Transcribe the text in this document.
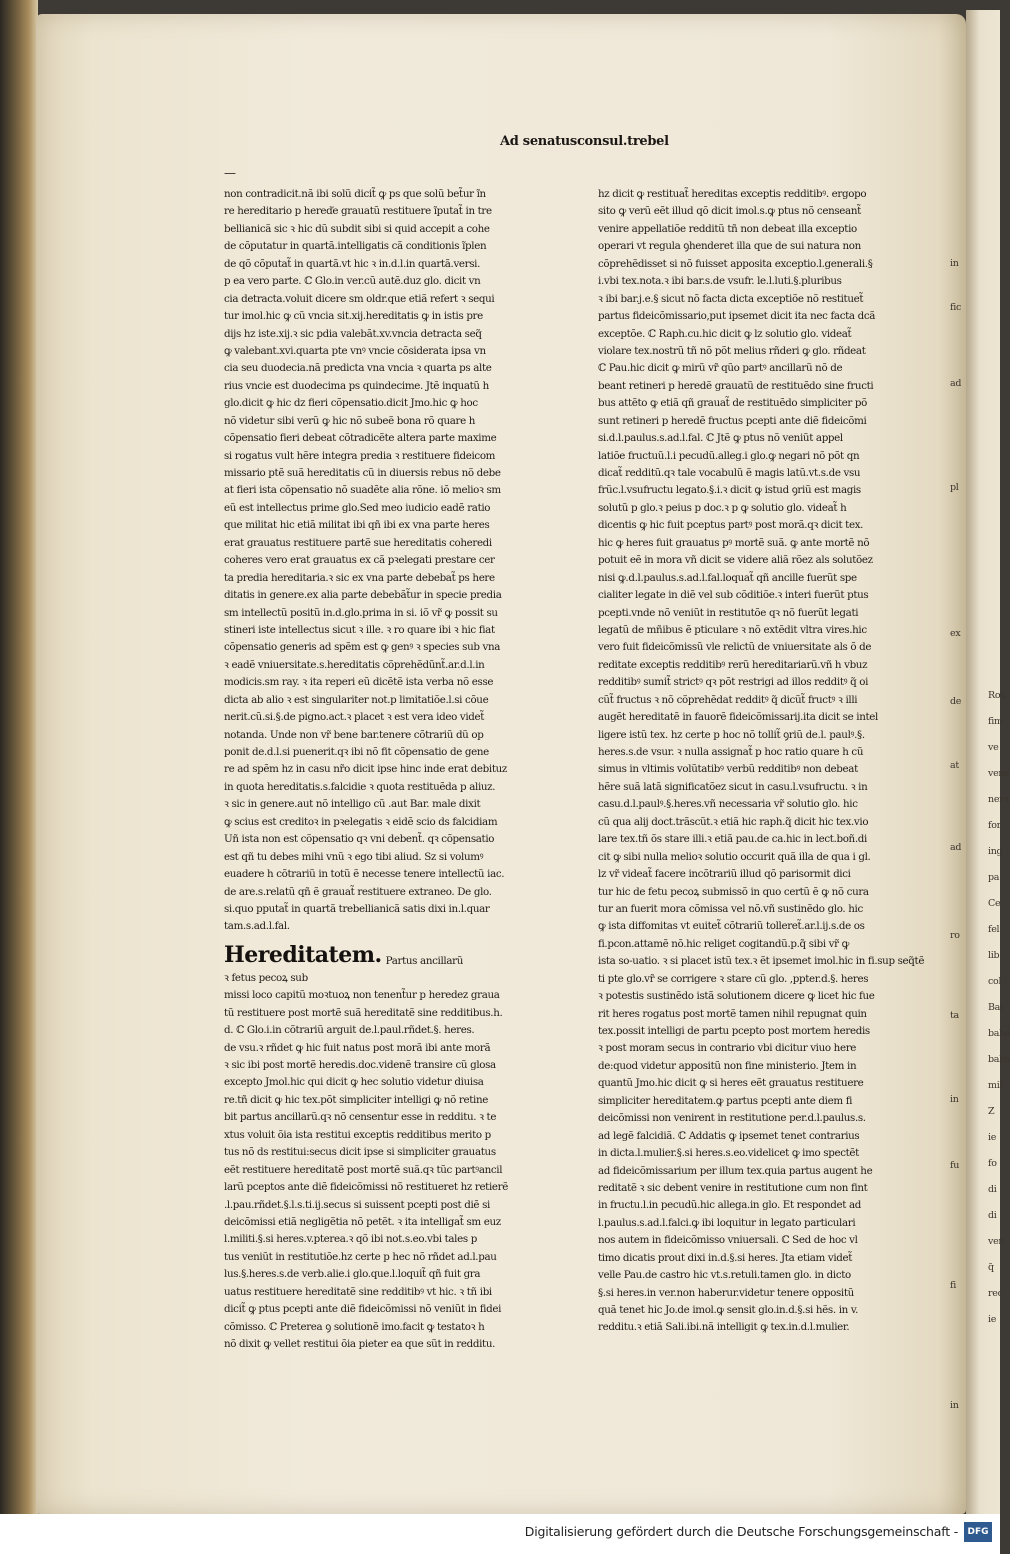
Rou
fim
ve
vene
nera
for
ing
pa
Ce
fel
lib
col
Bal
baba
baba
mil
Z
ie
fo
di
di
ven
q̃
rec
ie
Ad senatusconsul.trebel
—
non contradicit.nã ibi solũ dicit̃ ꝙ ps que solũ bet̃ur ĩn
re hereditario p hereďe grauatũ restituere ĩputat̃ in tre
bellianicã sic ꝛ hic dũ subdit sibi si quid accepit a cohe
de cõputatur in quartã.intelligatis cã conditionis ĩplen
de qõ cõputat̃ in quartã.vt hic ꝛ in.d.l.in quartã.versi.
p ea vero parte. ℂ Glo.in ver.cũ autẽ.duz glo. dicit vn
cia detracta.voluit dicere sm oldr.que etiã refert ꝛ sequi
tur imol.hic ꝙ cũ vncia sit.xij.hereditatis ꝙ in istis pre
dijs hz iste.xij.ꝛ sic pdia valebãt.xv.vncia detracta seq̃
ꝙ valebant.xvi.quarta pte vnꝰ vncie cõsiderata ipsa vn
cia seu duodecia.nã predicta vna vncia ꝛ quarta ps alte
rius vncie est duodecima ps quindecime. Jtẽ inquatũ h
glo.dicit ꝙ hic dz fieri cõpensatio.dicit Jmo.hic ꝙ hoc
nõ videtur sibi verũ ꝙ hic nõ subeẽ bona rõ quare h
cõpensatio fieri debeat cõtradicẽte altera parte maxime
si rogatus vult hẽre integra predia ꝛ restituere fideicom
missario ptẽ suã hereditatis cũ in diuersis rebus nõ debe
at fieri ista cõpensatio nõ suadẽte alia rõne. iõ melioꝛ sm
eũ est intellectus prime glo.Sed meo iudicio eadẽ ratio
que militat hic etiã militat ibi qñ ibi ex vna parte heres
erat grauatus restituere partẽ sue hereditatis coheredi
coheres vero erat grauatus ex cã pꝛelegati prestare cer
ta predia hereditaria.ꝛ sic ex vna parte debebat̃ ps here
ditatis in genere.ex alia parte debebãt̃ur in specie predia
sm intellectũ positũ in.d.glo.prima in si. iõ vr̃ ꝙ possit su
stineri iste intellectus sicut ꝛ ille. ꝛ ro quare ibi ꝛ hic fiat
cõpensatio generis ad spẽm est ꝙ genꝰ ꝛ species sub vna
ꝛ eadẽ vniuersitate.s.hereditatis cõprehẽdũnt̃.ar.d.l.in
modicis.sm ray. ꝛ ita reperi eũ dicẽtẽ ista verba nõ esse
dicta ab alio ꝛ est singulariter not.p limitatiõe.l.si cõue
nerit.cũ.si.§.de pigno.act.ꝛ placet ꝛ est vera ideo videt̃
notanda. Unde non vr̃ bene bar.tenere cõtrariũ dũ op
ponit de.d.l.si puenerit.qꝛ ibi nõ fit cõpensatio de gene
re ad spẽm hz in casu nr̃o dicit ipse hinc inde erat debituz
in quota hereditatis.s.falcidie ꝛ quota restituẽda p aliuz.
ꝛ sic in genere.aut nõ intelligo cũ .aut Bar. male dixit
ꝙ scius est creditoꝛ in pꝛelegatis ꝛ eidẽ scio ds falcidiam
Uñ ista non est cõpensatio qꝛ vni debent̃. qꝛ cõpensatio
est qñ tu debes mihi vnũ ꝛ ego tibi aliud. Sz si volumꝰ
euadere h cõtrariũ in totũ ẽ necesse tenere intellectũ iac.
de are.s.relatũ qñ ẽ grauat̃ restituere extraneo. De glo.
si.quo pputat̃ in quartã trebellianicã satis dixi in.l.quar
tam.s.ad.l.fal.
Hereditatem. Partus ancillarũ
ꝛ fetus pecoꝝ sub
missi loco capitũ moꝛtuoꝝ non tenent̃ur p heredez graua
tũ restituere post mortẽ suã hereditatẽ sine redditibus.h.
d. ℂ Glo.i.in cõtrariũ arguit de.l.paul.rñdet.§. heres.
de vsu.ꝛ rñdet ꝙ hic fuit natus post morã ibi ante morã
ꝛ sic ibi post mortẽ heredis.doc.videnẽ transire cũ glosa
excepto Jmol.hic qui dicit ꝙ hec solutio videtur diuisa
re.tñ dicit ꝙ hic tex.põt simpliciter intelligi ꝙ nõ retine
bit partus ancillarũ.qꝛ nõ censentur esse in redditu. ꝛ te
xtus voluit õia ista restitui exceptis redditibus merito p
tus nõ ds restitui:secus dicit ipse si simpliciter grauatus
eẽt restituere hereditatẽ post mortẽ suã.qꝛ tũc partꝰancil
larũ pceptos ante diẽ fideicõmissi nõ restitueret hz retierẽ
.l.pau.rñdet.§.l.s.ti.ij.secus si suissent pcepti post diẽ si
deicõmissi etiã negligẽtia nõ petẽt. ꝛ ita intelligat̃ sm euz
l.militi.§.si heres.v.pterea.ꝛ qõ ibi not.s.eo.vbi tales p
tus veniũt in restitutiõe.hz certe p hec nõ rñdet ad.l.pau
lus.§.heres.s.de verb.alie.i glo.que.l.loquit̃ qñ fuit gra
uatus restituere hereditatẽ sine redditibꝰ vt hic. ꝛ tñ ibi
dicit̃ ꝙ ptus pcepti ante diẽ fideicõmissi nõ veniũt in fidei
cõmisso. ℂ Preterea ꝯ solutionẽ imo.facit ꝙ testatoꝛ h
nõ dixit ꝙ vellet restitui õia pieter ea que sũt in redditu.
hz dicit ꝙ restituat̃ hereditas exceptis redditibꝰ. ergopo
sito ꝙ verũ eẽt illud qõ dicit imol.s.ꝙ ptus nõ censeant̃
venire appellatiõe redditũ tñ non debeat illa exceptio
operari vt regula ꝯhenderet illa que de sui natura non
cõprehẽdisset si nõ fuisset apposita exceptio.l.generali.§
i.vbi tex.nota.ꝛ ibi bar.s.de vsufr. le.l.luti.§.pluribus
ꝛ ibi bar.j.e.§ sicut nõ facta dicta exceptiõe nõ restituet̃
partus fideicõmissario,put ipsemet dicit ita nec facta dcã
exceptõe. ℂ Raph.cu.hic dicit ꝙ lz solutio glo. videat̃
violare tex.nostrũ tñ nõ põt melius rñderi ꝙ glo. rñdeat
ℂ Pau.hic dicit ꝙ mirũ vr̃ qũo partꝰ ancillarũ nõ de
beant retineri p heredẽ grauatũ de restituẽdo sine fructi
bus attẽto ꝙ etiã qñ grauat̃ de restituẽdo simpliciter põ
sunt retineri p heredẽ fructus pcepti ante diẽ fideicõmi
si.d.l.paulus.s.ad.l.fal. ℂ Jtẽ ꝙ ptus nõ veniũt appel
latiõe fructuũ.l.i pecudũ.alleg.i glo.ꝙ negari nõ põt qn
dicat̃ redditũ.qꝛ tale vocabulũ ẽ magis latũ.vt.s.de vsu
frũc.l.vsufructu legato.§.i.ꝛ dicit ꝙ istud ꝯriũ est magis
solutũ p glo.ꝛ peius p doc.ꝛ p ꝙ solutio glo. videat̃ h
dicentis ꝙ hic fuit pceptus partꝰ post morã.qꝛ dicit tex.
hic ꝙ heres fuit grauatus pꝰ mortẽ suã. ꝙ ante mortẽ nõ
potuit eẽ in mora vñ dicit se videre aliã rõez als solutõez
nisi ꝙ.d.l.paulus.s.ad.l.fal.loquat̃ qñ ancille fuerũt spe
cialiter legate in diẽ vel sub cõditiõe.ꝛ interi fuerũt ptus
pcepti.vnde nõ veniũt in restitutõe qꝛ nõ fuerũt legati
legatũ de mñibus ẽ pticulare ꝛ nõ extẽdit vltra vires.hic
vero fuit fideicõmissũ vle relictũ de vniuersitate als õ de
reditate exceptis redditibꝰ rerũ hereditariarũ.vñ h vbuz
redditibꝰ sumit̃ strictꝰ qꝛ põt restrigi ad illos redditꝰ q̃ oi
cũt̃ fructus ꝛ nõ cõprehẽdat redditꝰ q̃ dicũt̃ fructꝰ ꝛ illi
augẽt hereditatẽ in fauorẽ fideicõmissarij.ita dicit se intel
ligere istũ tex. hz certe p hoc nõ tollit̃ ꝯriũ de.l. paulꝰ.§.
heres.s.de vsur. ꝛ nulla assignat̃ p hoc ratio quare h cũ
simus in vltimis volũtatibꝰ verbũ redditibꝰ non debeat
hẽre suã latã significatõez sicut in casu.l.vsufructu. ꝛ in
casu.d.l.paulꝰ.§.heres.vñ necessaria vr̃ solutio glo. hic
cũ qua alij doct.trãscũt.ꝛ etiã hic raph.q̃ dicit hic tex.vio
lare tex.tñ õs stare illi.ꝛ etiã pau.de ca.hic in lect.boñ.di
cit ꝙ sibi nulla melioꝛ solutio occurit quã illa de qua i gl.
lz vr̃ videat̃ facere incõtrariũ illud qõ parisormit dici
tur hic de fetu pecoꝝ submissõ in quo certũ ẽ ꝙ nõ cura
tur an fuerit mora cõmissa vel nõ.vñ sustinẽdo glo. hic
ꝙ ista diffomitas vt euitet̃ cõtrariũ tolleret̃.ar.l.ij.s.de os
fi.pcon.attamẽ nõ.hic religet cogitandũ.p.q̃ sibi vr̃ ꝙ
ista so-uatio. ꝛ si placet istũ tex.ꝛ ẽt ipsemet imol.hic in fi.sup seq̃tẽ
ti pte glo.vr̃ se corrigere ꝛ stare cũ glo. ,ppter.d.§. heres
ꝛ potestis sustinẽdo istã solutionem dicere ꝙ licet hic fue
rit heres rogatus post mortẽ tamen nihil repugnat quin
tex.possit intelligi de partu pcepto post mortem heredis
ꝛ post moram secus in contrario vbi dicitur viuo here
de:quod videtur appositũ non fine ministerio. Jtem in
quantũ Jmo.hic dicit ꝙ si heres eẽt grauatus restituere
simpliciter hereditatem.ꝙ partus pcepti ante diem fi
deicõmissi non venirent in restitutione per.d.l.paulus.s.
ad legẽ falcidiã. ℂ Addatis ꝙ ipsemet tenet contrarius
in dicta.l.mulier.§.si heres.s.eo.videlicet ꝙ imo spectẽt
ad fideicõmissarium per illum tex.quia partus augent he
reditatẽ ꝛ sic debent venire in restitutione cum non fint
in fructu.l.in pecudũ.hic allega.in glo. Et respondet ad
l.paulus.s.ad.l.falci.ꝙ ibi loquitur in legato particulari
nos autem in fideicõmisso vniuersali. ℂ Sed de hoc vl
timo dicatis prout dixi in.d.§.si heres. Jta etiam videt̃
velle Pau.de castro hic vt.s.retuli.tamen glo. in dicto
§.si heres.in ver.non haberur.videtur tenere oppositũ
quã tenet hic Jo.de imol.ꝙ sensit glo.in.d.§.si hẽs. in v.
redditu.ꝛ etiã Sali.ibi.nã intelligit ꝙ tex.in.d.l.mulier.
in
fic
ad
pl
ex
de
at
ad
ro
ta
in
fu
fi
in
Digitalisierung gefördert durch die Deutsche Forschungsgemeinschaft -	DFG
